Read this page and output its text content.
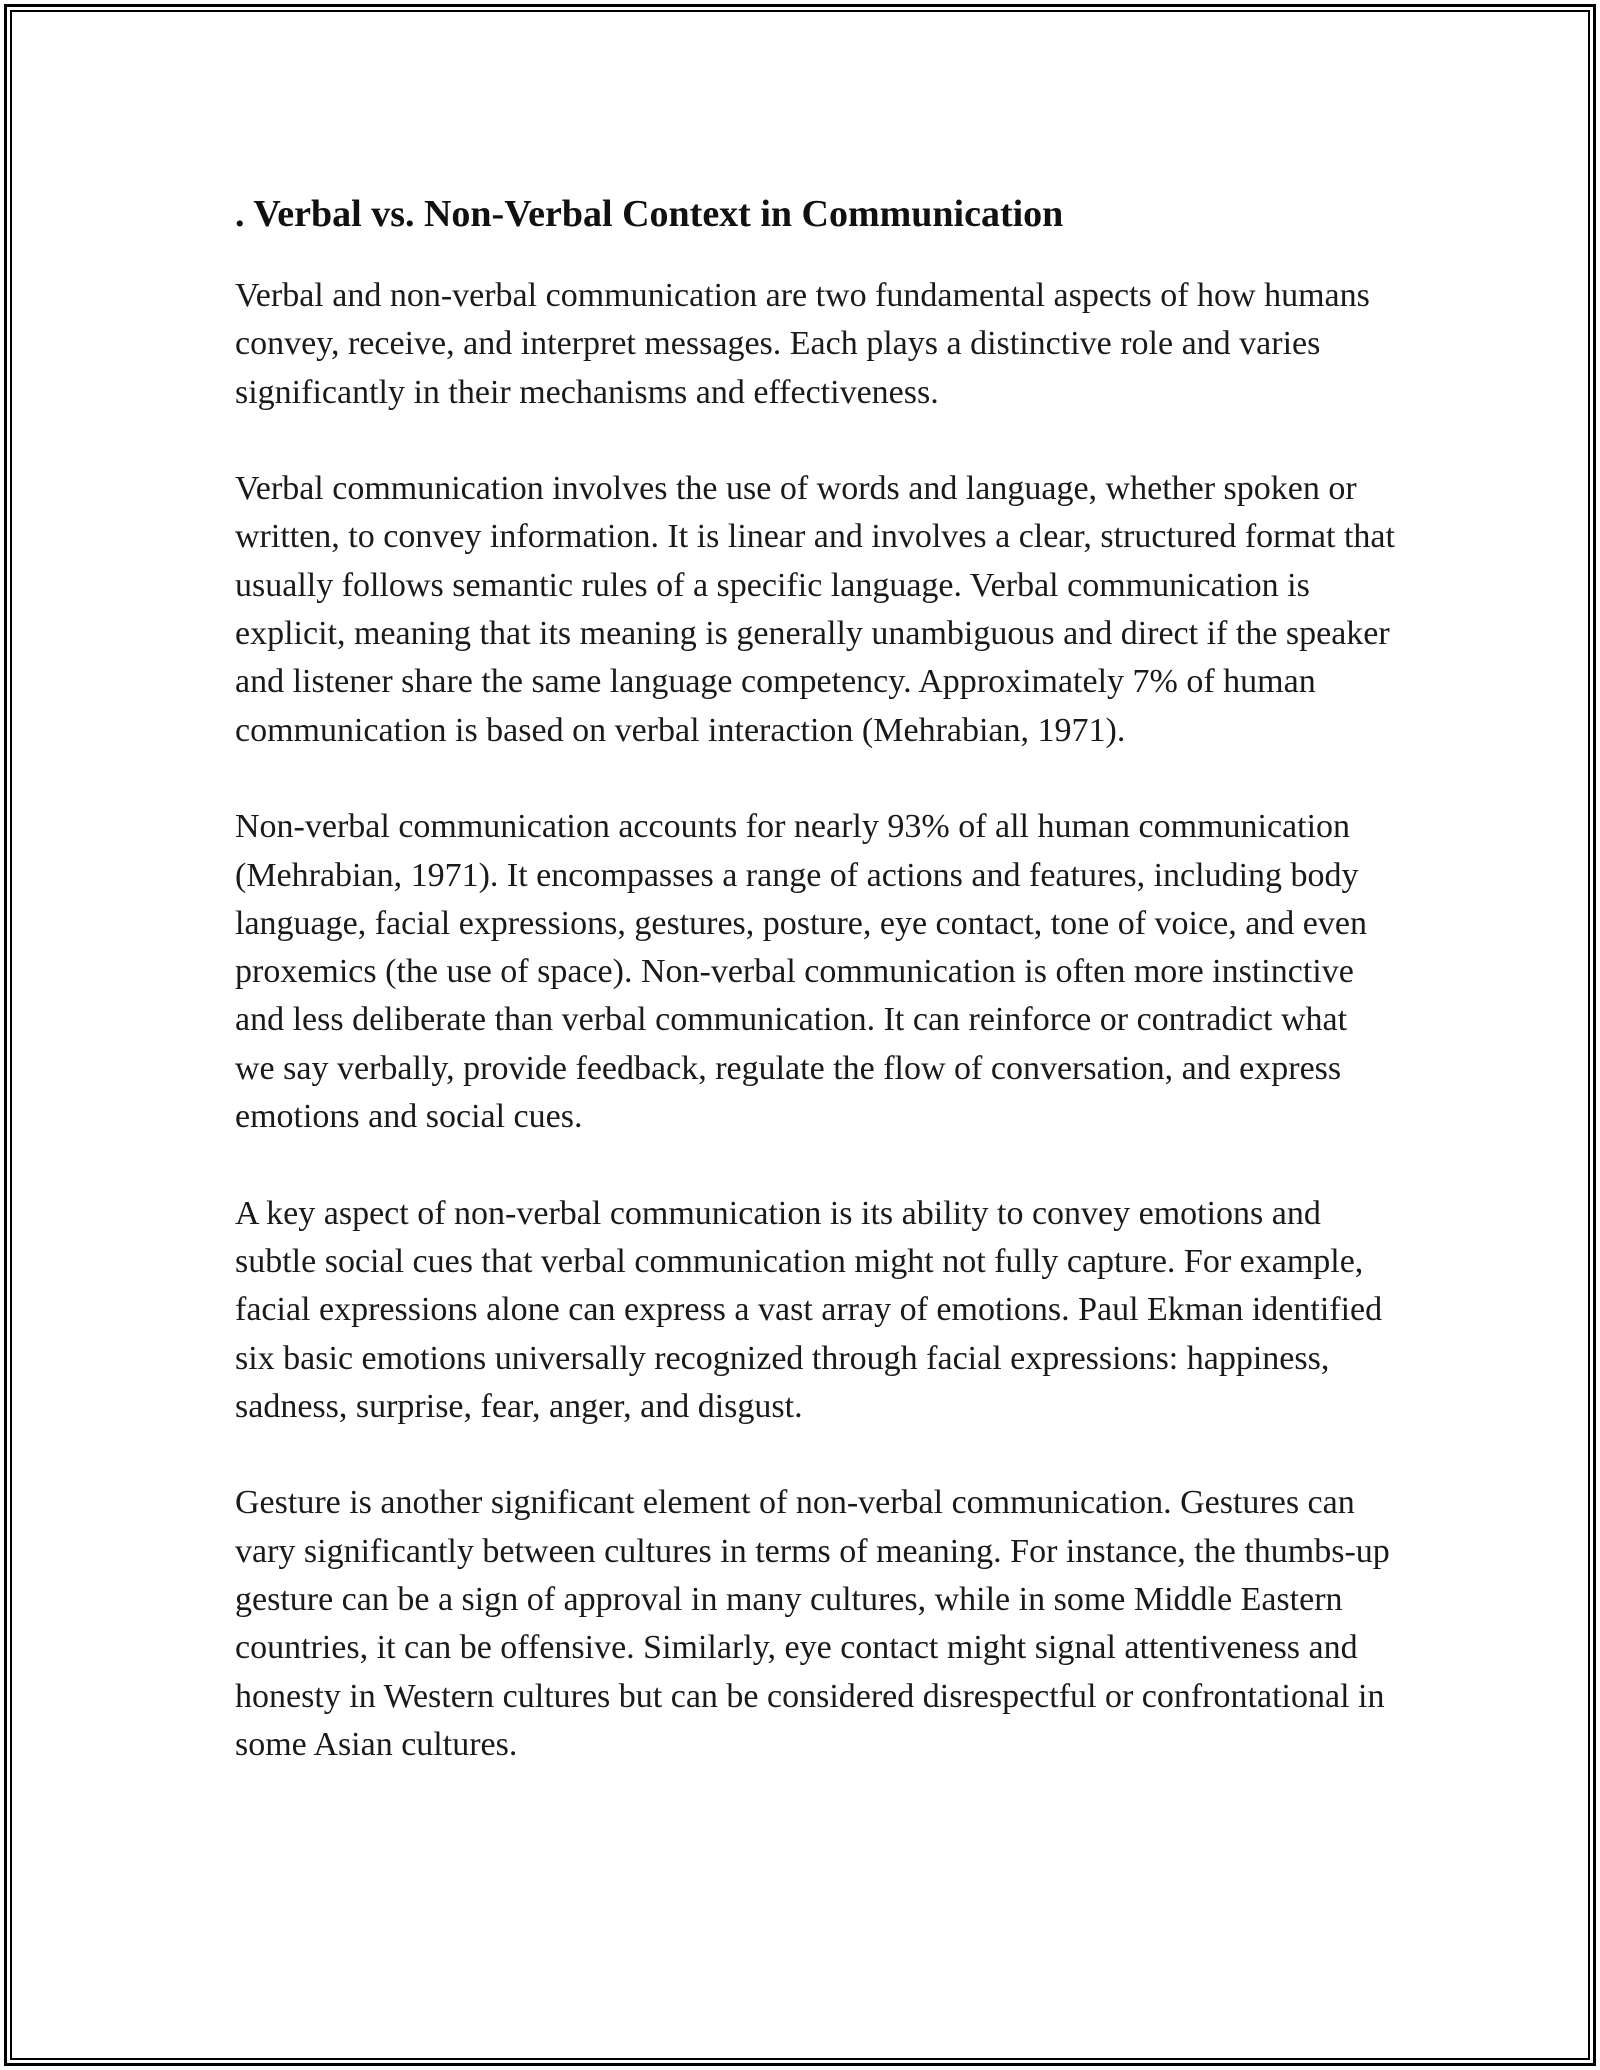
. Verbal vs. Non-Verbal Context in Communication

Verbal and non-verbal communication are two fundamental aspects of how humans convey, receive, and interpret messages. Each plays a distinctive role and varies significantly in their mechanisms and effectiveness.

Verbal communication involves the use of words and language, whether spoken or written, to convey information. It is linear and involves a clear, structured format that usually follows semantic rules of a specific language. Verbal communication is explicit, meaning that its meaning is generally unambiguous and direct if the speaker and listener share the same language competency. Approximately 7% of human communication is based on verbal interaction (Mehrabian, 1971).

Non-verbal communication accounts for nearly 93% of all human communication (Mehrabian, 1971). It encompasses a range of actions and features, including body language, facial expressions, gestures, posture, eye contact, tone of voice, and even proxemics (the use of space). Non-verbal communication is often more instinctive and less deliberate than verbal communication. It can reinforce or contradict what we say verbally, provide feedback, regulate the flow of conversation, and express emotions and social cues.

A key aspect of non-verbal communication is its ability to convey emotions and subtle social cues that verbal communication might not fully capture. For example, facial expressions alone can express a vast array of emotions. Paul Ekman identified six basic emotions universally recognized through facial expressions: happiness, sadness, surprise, fear, anger, and disgust.

Gesture is another significant element of non-verbal communication. Gestures can vary significantly between cultures in terms of meaning. For instance, the thumbs-up gesture can be a sign of approval in many cultures, while in some Middle Eastern countries, it can be offensive. Similarly, eye contact might signal attentiveness and honesty in Western cultures but can be considered disrespectful or confrontational in some Asian cultures.
